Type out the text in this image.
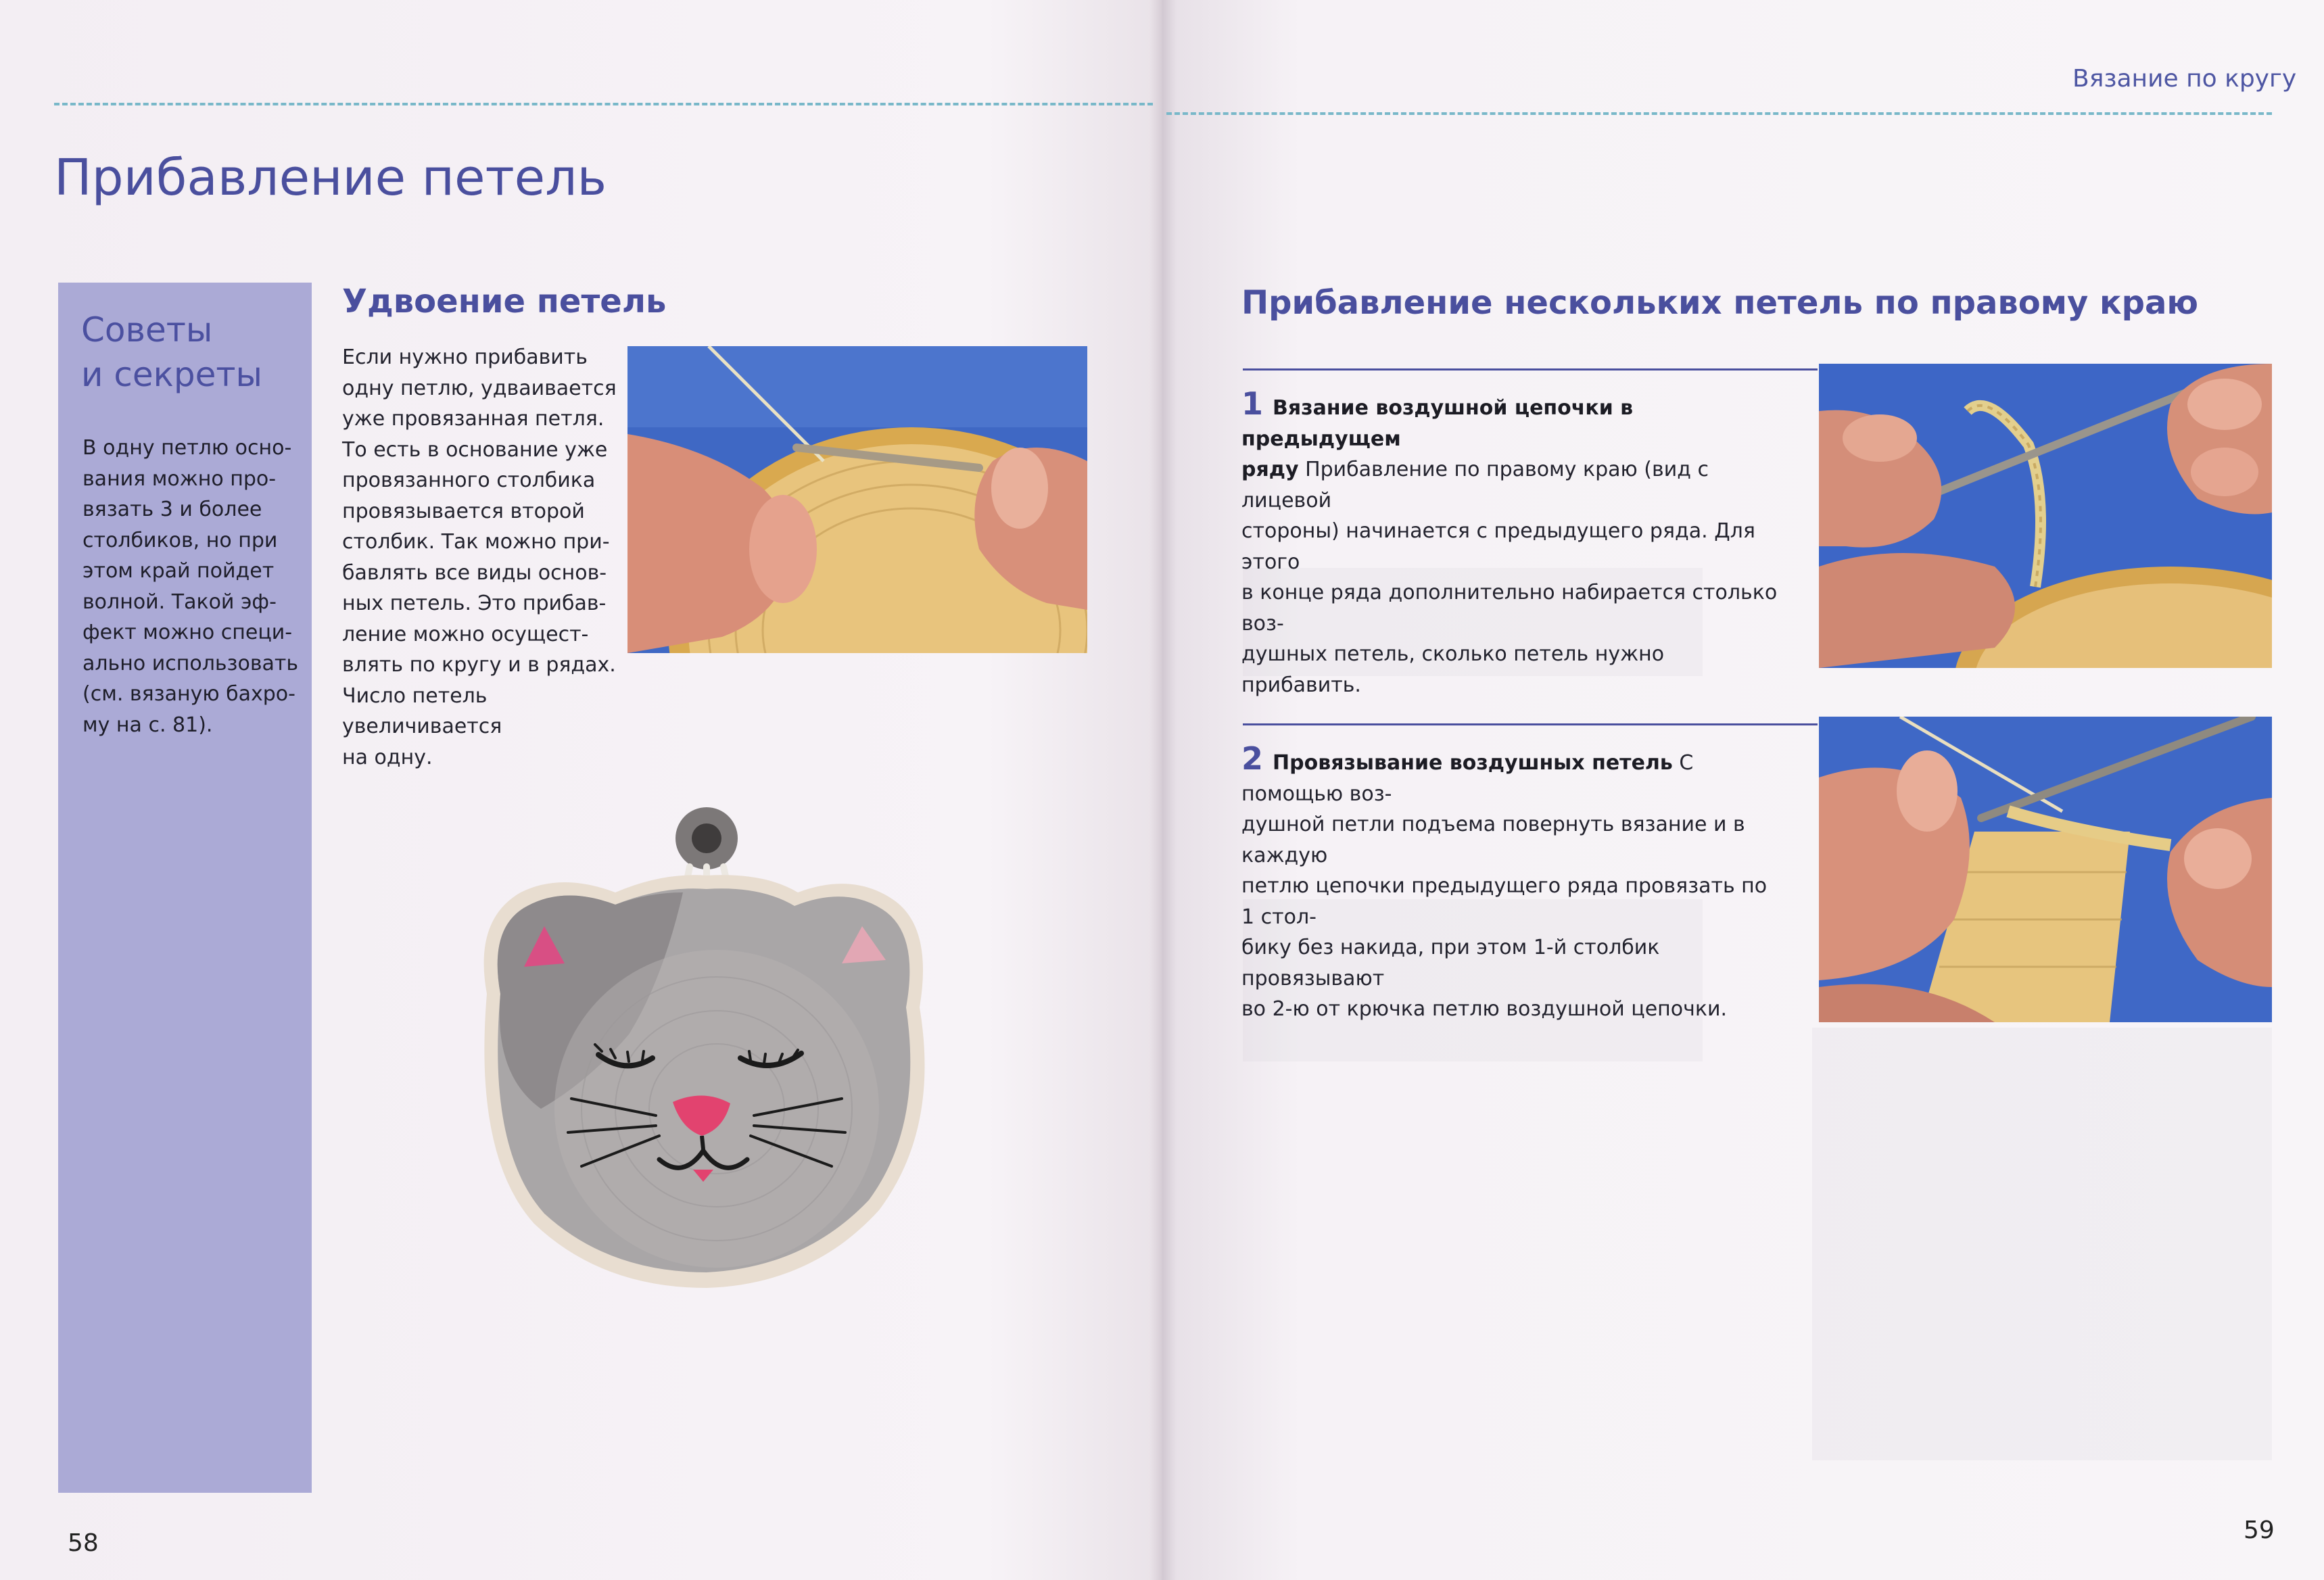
Вязание по кругу
Прибавление петель
Советы
и секреты
В одну петлю осно-
вания можно про-
вязать 3 и более
столбиков, но при
этом край пойдет
волной. Такой эф-
фект можно специ-
ально использовать
(см. вязаную бахро-
му на с. 81).
Удвоение петель
Если нужно прибавить
одну петлю, удваивается
уже провязанная петля.
То есть в основание уже
провязанного столбика
провязывается второй
столбик. Так можно при-
бавлять все виды основ-
ных петель. Это прибав-
ление можно осущест-
влять по кругу и в рядах.
Число петель увеличивается
на одну.
58
Прибавление нескольких петель по правому краю
1 Вязание воздушной цепочки в предыдущем
ряду Прибавление по правому краю (вид с лицевой
стороны) начинается с предыдущего ряда. Для этого
в конце ряда дополнительно набирается столько воз-
душных петель, сколько петель нужно прибавить.
2 Провязывание воздушных петель С помощью воз-
душной петли подъема повернуть вязание и в каждую
петлю цепочки предыдущего ряда провязать по 1 стол-
бику без накида, при этом 1-й столбик провязывают
во 2-ю от крючка петлю воздушной цепочки.
59
